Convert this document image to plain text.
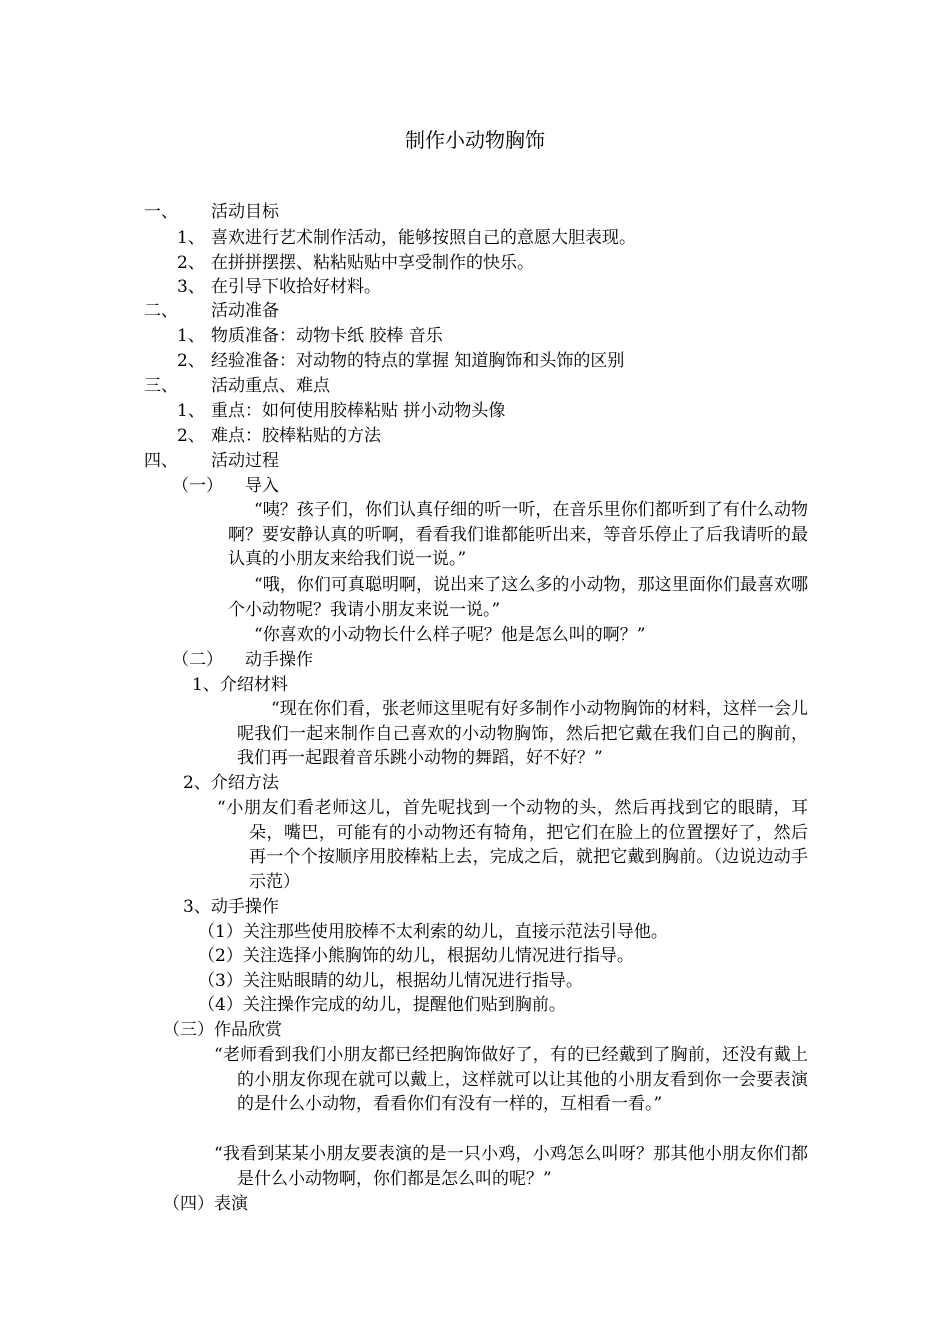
制作小动物胸饰
一、 活动目标
1、 喜欢进行艺术制作活动，能够按照自己的意愿大胆表现。
2、 在拼拼摆摆、粘粘贴贴中享受制作的快乐。
3、 在引导下收拾好材料。
二、 活动准备
1、 物质准备：动物卡纸 胶棒 音乐
2、 经验准备：对动物的特点的掌握 知道胸饰和头饰的区别
三、 活动重点、难点
1、 重点：如何使用胶棒粘贴 拼小动物头像
2、 难点：胶棒粘贴的方法
四、 活动过程
（一） 导入
“咦？孩子们，你们认真仔细的听一听，在音乐里你们都听到了有什么动物啊？要安静认真的听啊，看看我们谁都能听出来，等音乐停止了后我请听的最认真的小朋友来给我们说一说。”
“哦，你们可真聪明啊，说出来了这么多的小动物，那这里面你们最喜欢哪个小动物呢？我请小朋友来说一说。”
“你喜欢的小动物长什么样子呢？他是怎么叫的啊？”
（二） 动手操作
1、介绍材料
“现在你们看，张老师这里呢有好多制作小动物胸饰的材料，这样一会儿呢我们一起来制作自己喜欢的小动物胸饰，然后把它戴在我们自己的胸前，我们再一起跟着音乐跳小动物的舞蹈，好不好？”
2、介绍方法
“小朋友们看老师这儿，首先呢找到一个动物的头，然后再找到它的眼睛，耳朵，嘴巴，可能有的小动物还有犄角，把它们在脸上的位置摆好了，然后再一个个按顺序用胶棒粘上去，完成之后，就把它戴到胸前。（边说边动手示范）
3、动手操作
（1）关注那些使用胶棒不太利索的幼儿，直接示范法引导他。
（2）关注选择小熊胸饰的幼儿，根据幼儿情况进行指导。
（3）关注贴眼睛的幼儿，根据幼儿情况进行指导。
（4）关注操作完成的幼儿，提醒他们贴到胸前。
（三）作品欣赏
“老师看到我们小朋友都已经把胸饰做好了，有的已经戴到了胸前，还没有戴上的小朋友你现在就可以戴上，这样就可以让其他的小朋友看到你一会要表演的是什么小动物，看看你们有没有一样的，互相看一看。”
“我看到某某小朋友要表演的是一只小鸡，小鸡怎么叫呀？那其他小朋友你们都是什么小动物啊，你们都是怎么叫的呢？”
（四）表演
